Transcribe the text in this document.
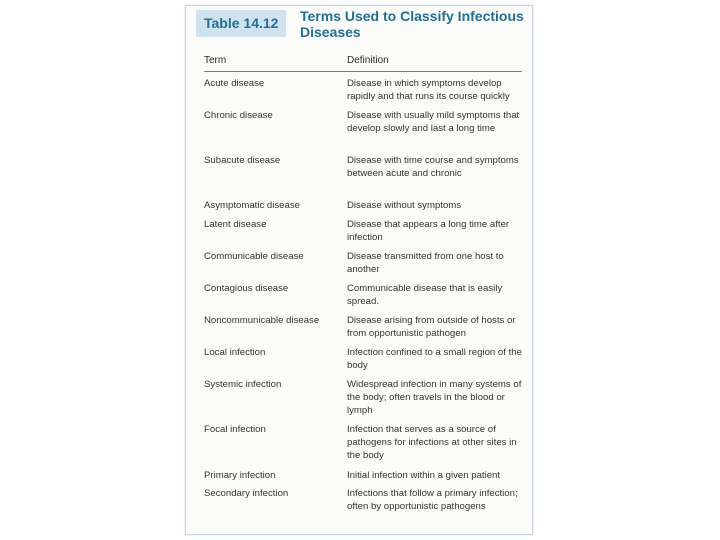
Table 14.12	Terms Used to Classify Infectious Diseases
Term	Definition
Acute disease	Disease in which symptoms develop rapidly and that runs its course quickly
Chronic disease	Disease with usually mild symptoms that develop slowly and last a long time
Subacute disease	Disease with time course and symptoms between acute and chronic
Asymptomatic disease	Disease without symptoms
Latent disease	Disease that appears a long time after infection
Communicable disease	Disease transmitted from one host to another
Contagious disease	Communicable disease that is easily spread.
Noncommunicable disease	Disease arising from outside of hosts or from opportunistic pathogen
Local infection	Infection confined to a small region of the body
Systemic infection	Widespread infection in many systems of the body; often travels in the blood or lymph
Focal infection	Infection that serves as a source of pathogens for infections at other sites in the body
Primary infection	Initial infection within a given patient
Secondary infection	Infections that follow a primary infection; often by opportunistic pathogens
